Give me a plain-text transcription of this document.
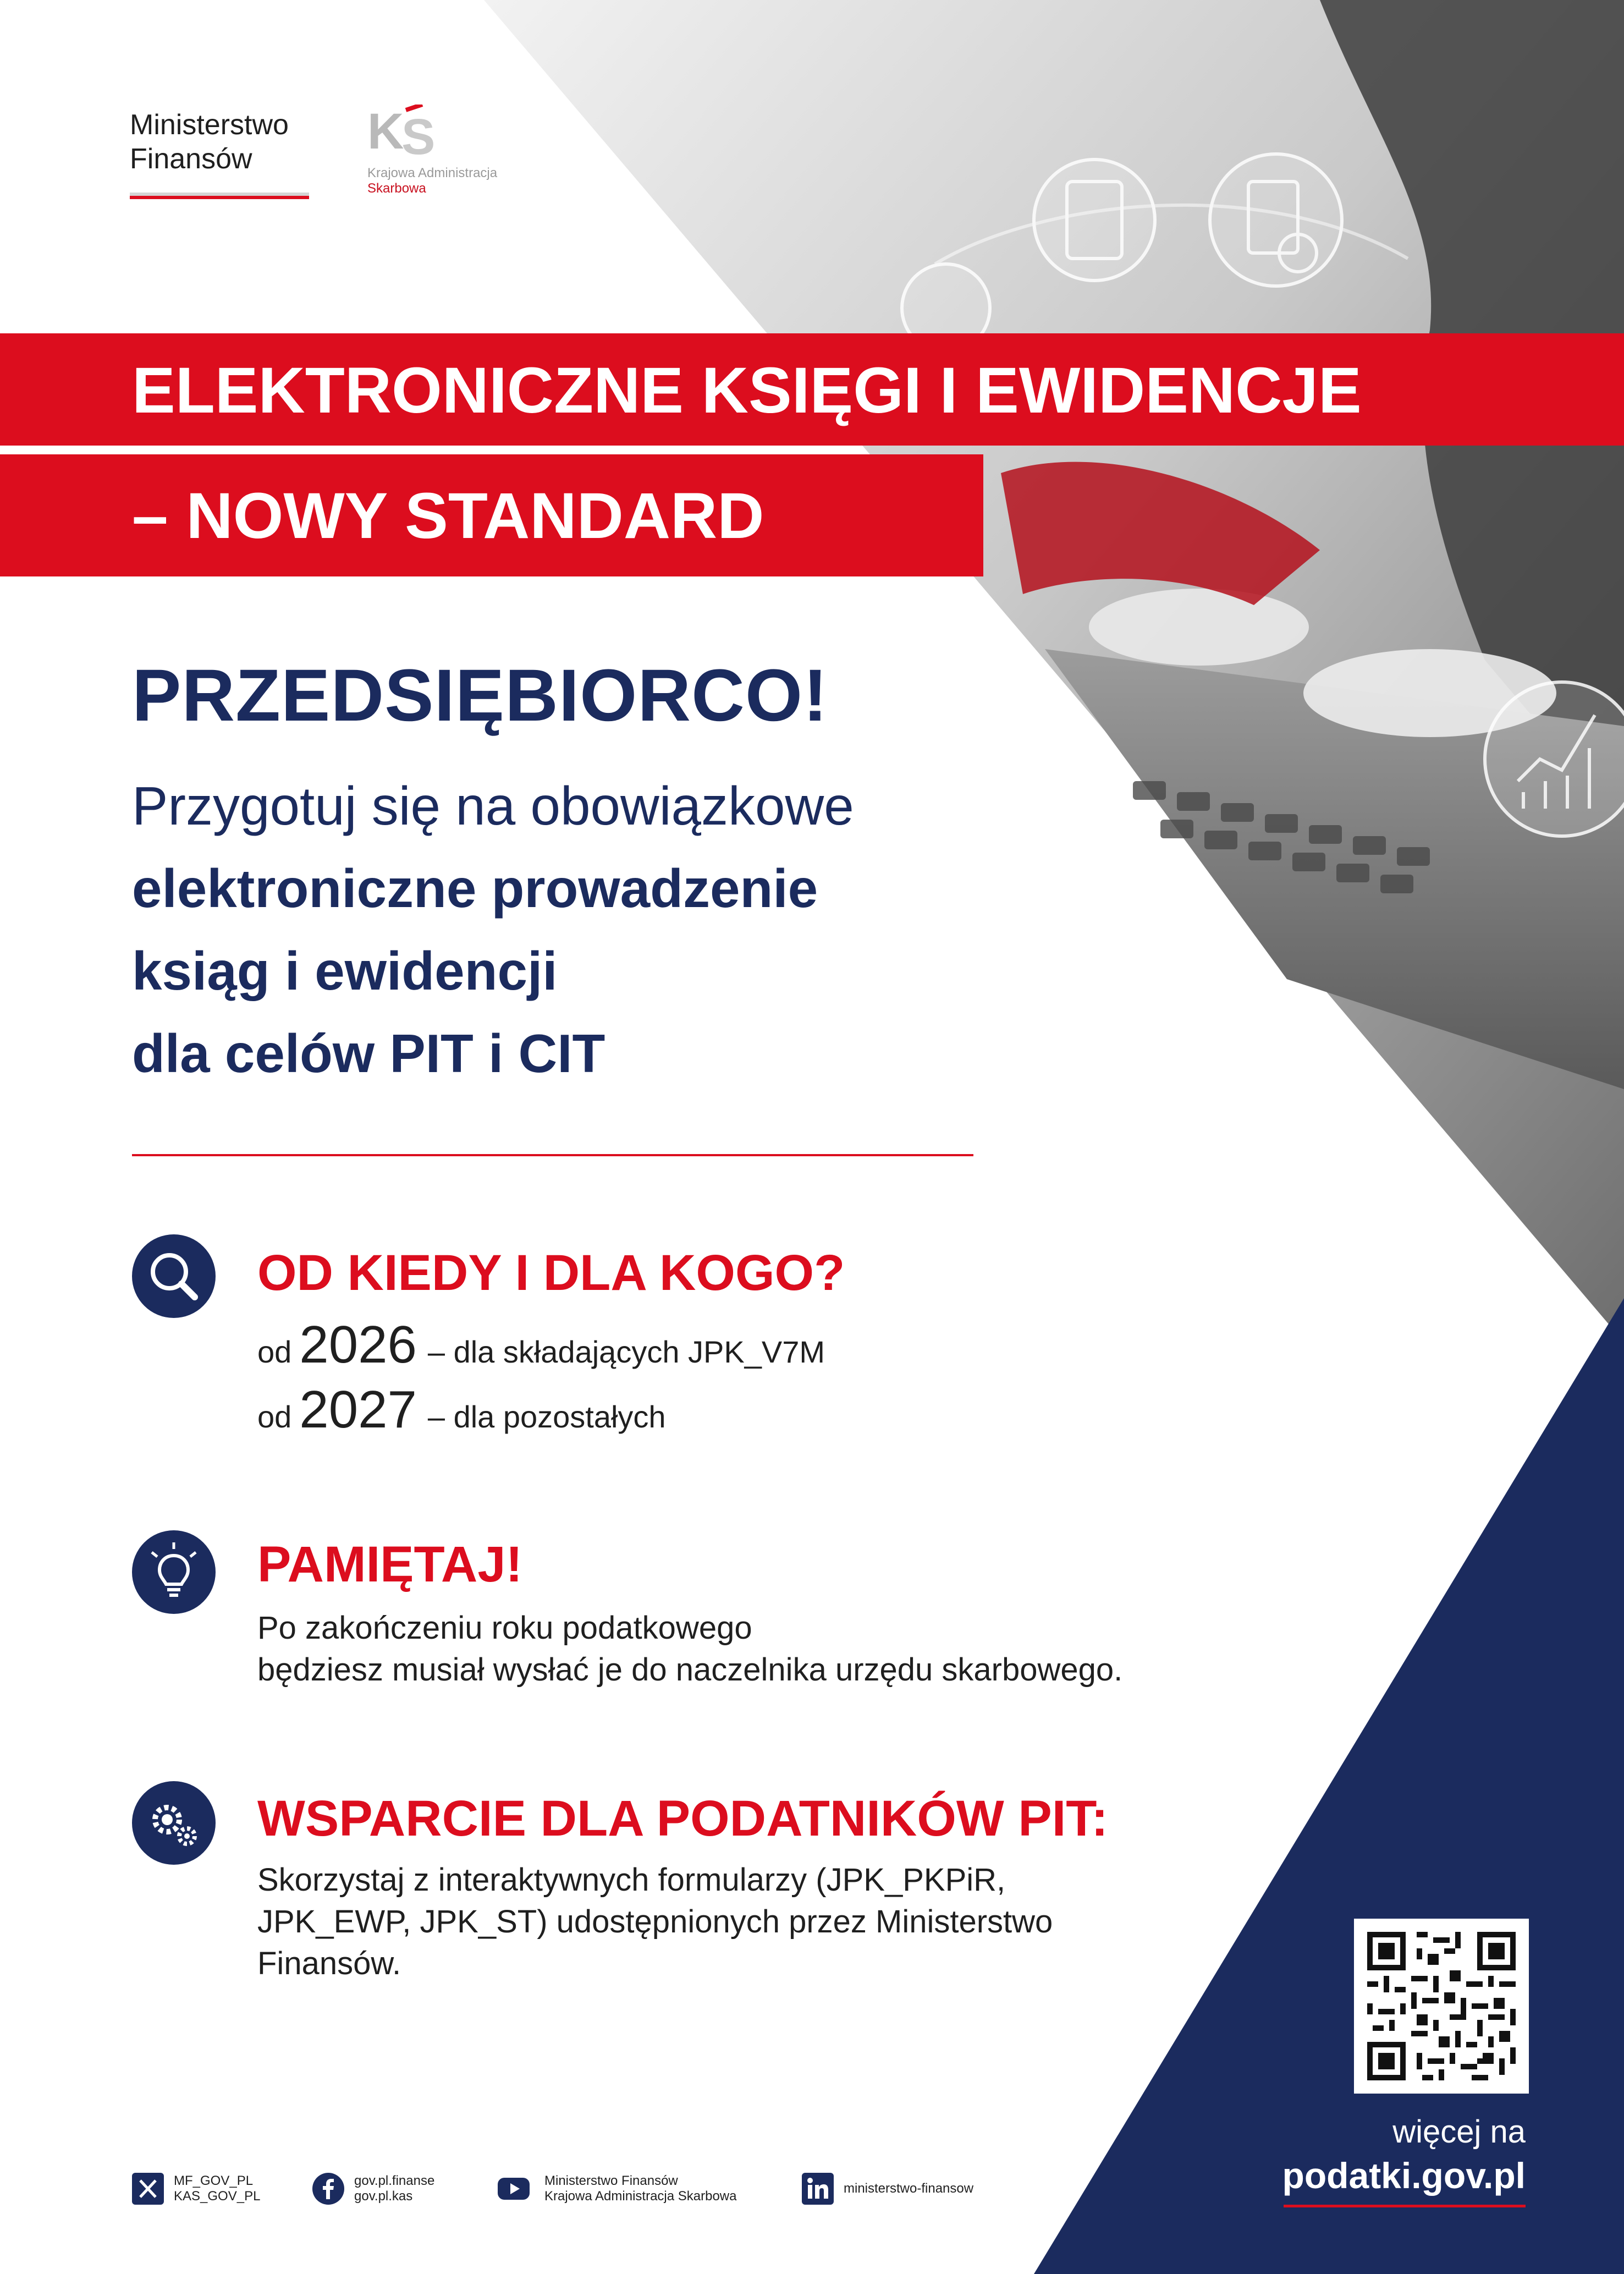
Ministerstwo
Finansów	K
S
Krajowa Administracja
Skarbowa
ELEKTRONICZNE KSIĘGI I EWIDENCJE
– NOWY STANDARD
PRZEDSIĘBIORCO!
Przygotuj się na obowiązkowe
elektroniczne prowadzenie
ksiąg i ewidencji
dla celów PIT i CIT
OD KIEDY I DLA KOGO?
od 2026 – dla składających JPK_V7M
od 2027 – dla pozostałych
PAMIĘTAJ!
Po zakończeniu roku podatkowego
będziesz musiał wysłać je do naczelnika urzędu skarbowego.
WSPARCIE DLA PODATNIKÓW PIT:
Skorzystaj z interaktywnych formularzy (JPK_PKPiR,
JPK_EWP, JPK_ST) udostępnionych przez Ministerstwo
Finansów.
więcej na
podatki.gov.pl
MF_GOV_PL
KAS_GOV_PL
gov.pl.finanse
gov.pl.kas
Ministerstwo Finansów
Krajowa Administracja Skarbowa
ministerstwo-finansow
